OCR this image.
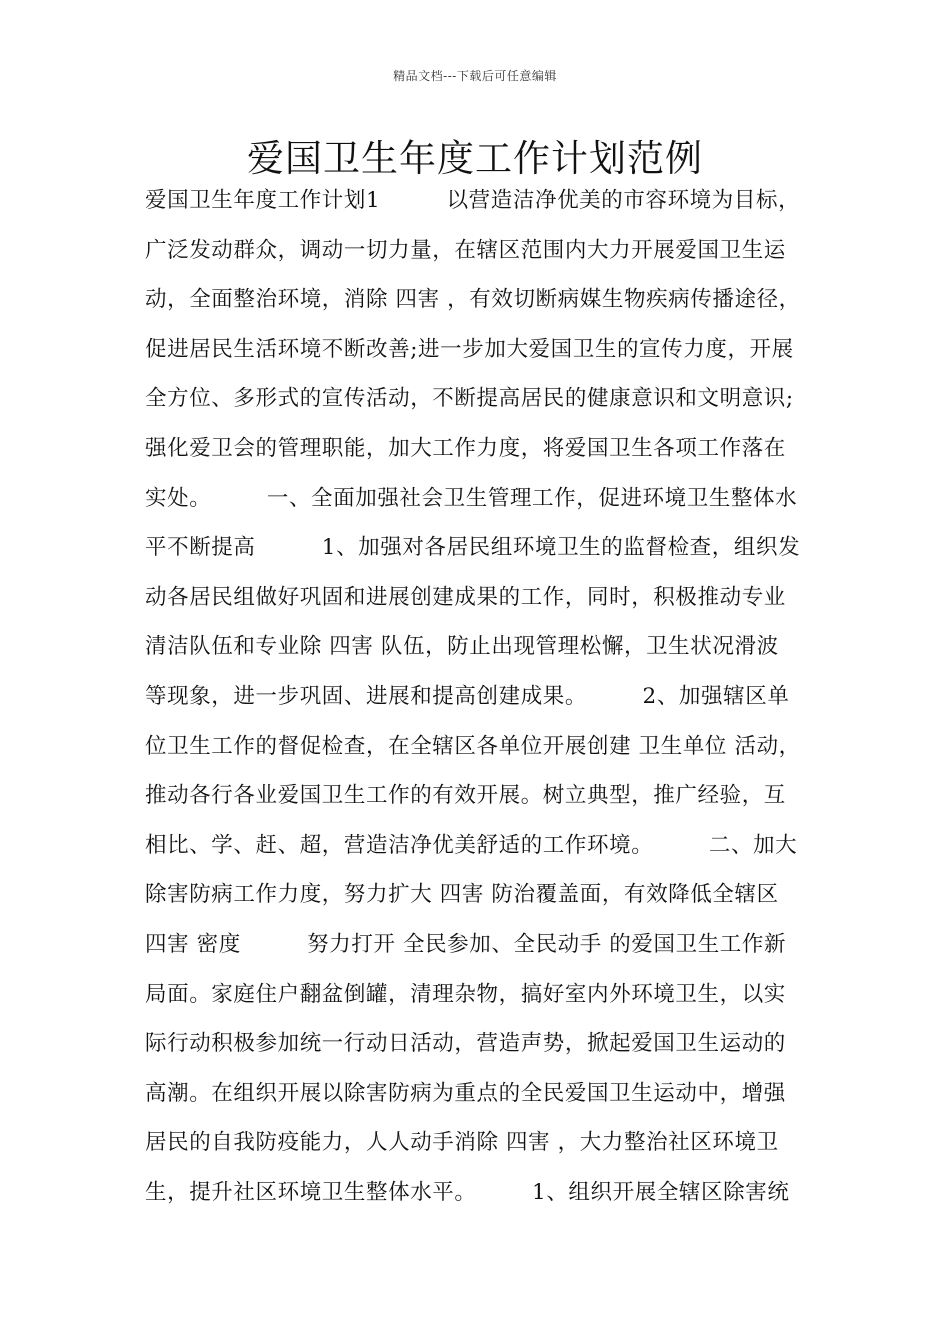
精品文档---下载后可任意编辑
爱国卫生年度工作计划范例
爱国卫生年度工作计划1　　　以营造洁净优美的市容环境为目标，
广泛发动群众，调动一切力量，在辖区范围内大力开展爱国卫生运
动，全面整治环境，消除 四害 ，有效切断病媒生物疾病传播途径，
促进居民生活环境不断改善;进一步加大爱国卫生的宣传力度，开展
全方位、多形式的宣传活动，不断提高居民的健康意识和文明意识;
强化爱卫会的管理职能，加大工作力度，将爱国卫生各项工作落在
实处。　　　一、全面加强社会卫生管理工作，促进环境卫生整体水
平不断提高　　　1、加强对各居民组环境卫生的监督检查，组织发
动各居民组做好巩固和进展创建成果的工作，同时，积极推动专业
清洁队伍和专业除 四害 队伍，防止出现管理松懈，卫生状况滑波
等现象，进一步巩固、进展和提高创建成果。　　　2、加强辖区单
位卫生工作的督促检查，在全辖区各单位开展创建 卫生单位 活动，
推动各行各业爱国卫生工作的有效开展。树立典型，推广经验，互
相比、学、赶、超，营造洁净优美舒适的工作环境。　　　二、加大
除害防病工作力度，努力扩大 四害 防治覆盖面，有效降低全辖区
四害 密度　　　努力打开 全民参加、全民动手 的爱国卫生工作新
局面。家庭住户翻盆倒罐，清理杂物，搞好室内外环境卫生，以实
际行动积极参加统一行动日活动，营造声势，掀起爱国卫生运动的
高潮。在组织开展以除害防病为重点的全民爱国卫生运动中，增强
居民的自我防疫能力，人人动手消除 四害 ，大力整治社区环境卫
生，提升社区环境卫生整体水平。　　　1、组织开展全辖区除害统
